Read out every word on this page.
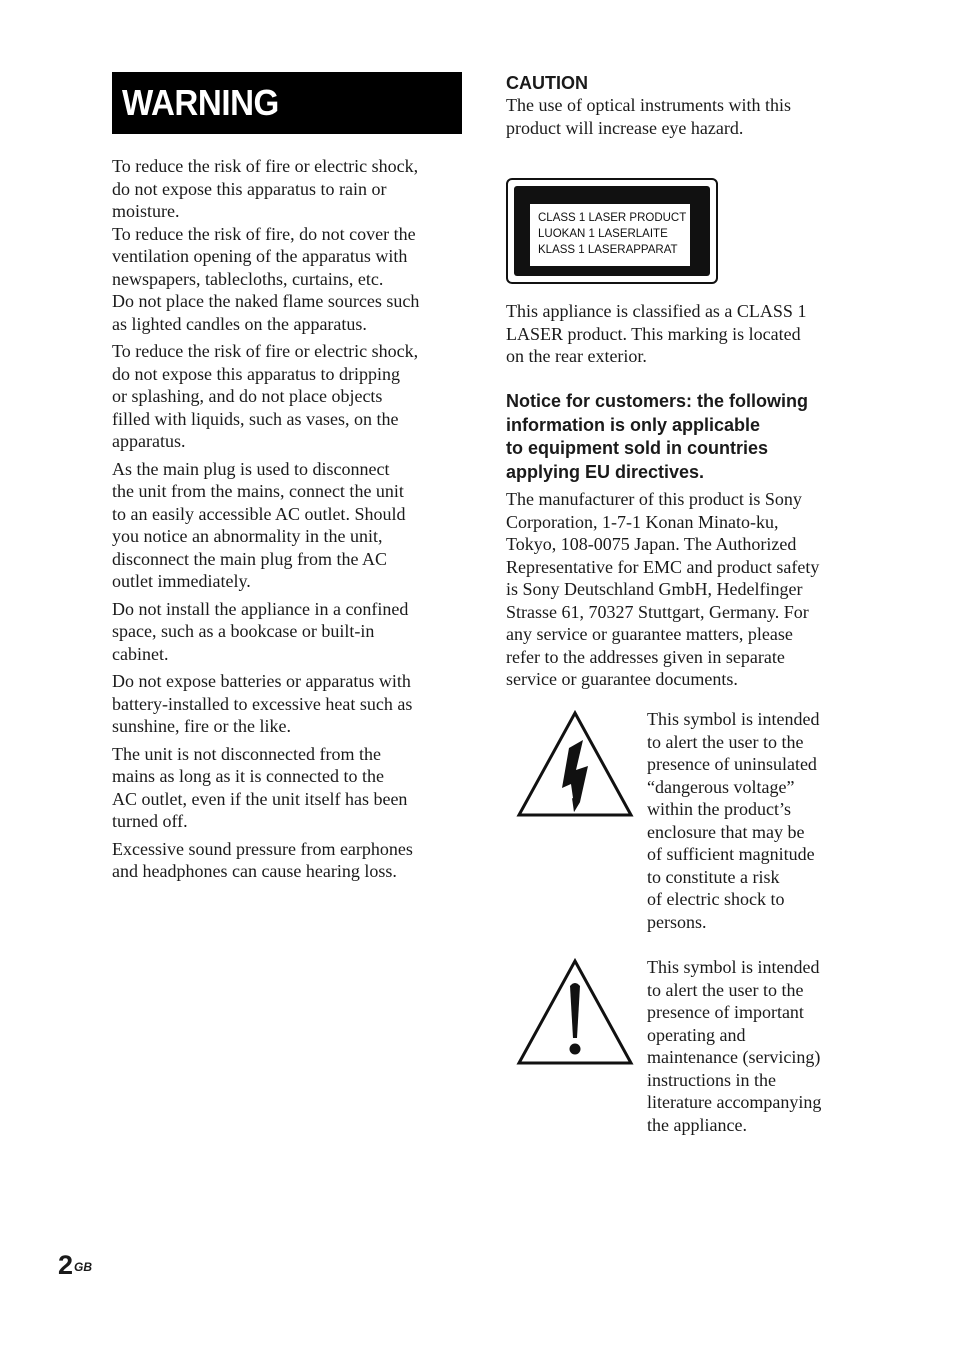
WARNING

To reduce the risk of fire or electric shock,
do not expose this apparatus to rain or
moisture.

To reduce the risk of fire, do not cover the
ventilation opening of the apparatus with
newspapers, tablecloths, curtains, etc.

Do not place the naked flame sources such
as lighted candles on the apparatus.

To reduce the risk of fire or electric shock,
do not expose this apparatus to dripping
or splashing, and do not place objects
filled with liquids, such as vases, on the
apparatus.

As the main plug is used to disconnect
the unit from the mains, connect the unit
to an easily accessible AC outlet. Should
you notice an abnormality in the unit,
disconnect the main plug from the AC
outlet immediately.

Do not install the appliance in a confined
space, such as a bookcase or built-in
cabinet.

Do not expose batteries or apparatus with
battery-installed to excessive heat such as
sunshine, fire or the like.

The unit is not disconnected from the
mains as long as it is connected to the
AC outlet, even if the unit itself has been
turned off.

Excessive sound pressure from earphones
and headphones can cause hearing loss.

CAUTION

The use of optical instruments with this
product will increase eye hazard.

CLASS 1 LASER PRODUCT
LUOKAN 1 LASERLAITE
KLASS 1 LASERAPPARAT

This appliance is classified as a CLASS 1
LASER product. This marking is located
on the rear exterior.

Notice for customers: the following
information is only applicable
to equipment sold in countries
applying EU directives.

The manufacturer of this product is Sony
Corporation, 1-7-1 Konan Minato-ku,
Tokyo, 108-0075 Japan. The Authorized
Representative for EMC and product safety
is Sony Deutschland GmbH, Hedelfinger
Strasse 61, 70327 Stuttgart, Germany. For
any service or guarantee matters, please
refer to the addresses given in separate
service or guarantee documents.

This symbol is intended
to alert the user to the
presence of uninsulated
“dangerous voltage”
within the product’s
enclosure that may be
of sufficient magnitude
to constitute a risk
of electric shock to
persons.

This symbol is intended
to alert the user to the
presence of important
operating and
maintenance (servicing)
instructions in the
literature accompanying
the appliance.

$2^{GB}$
